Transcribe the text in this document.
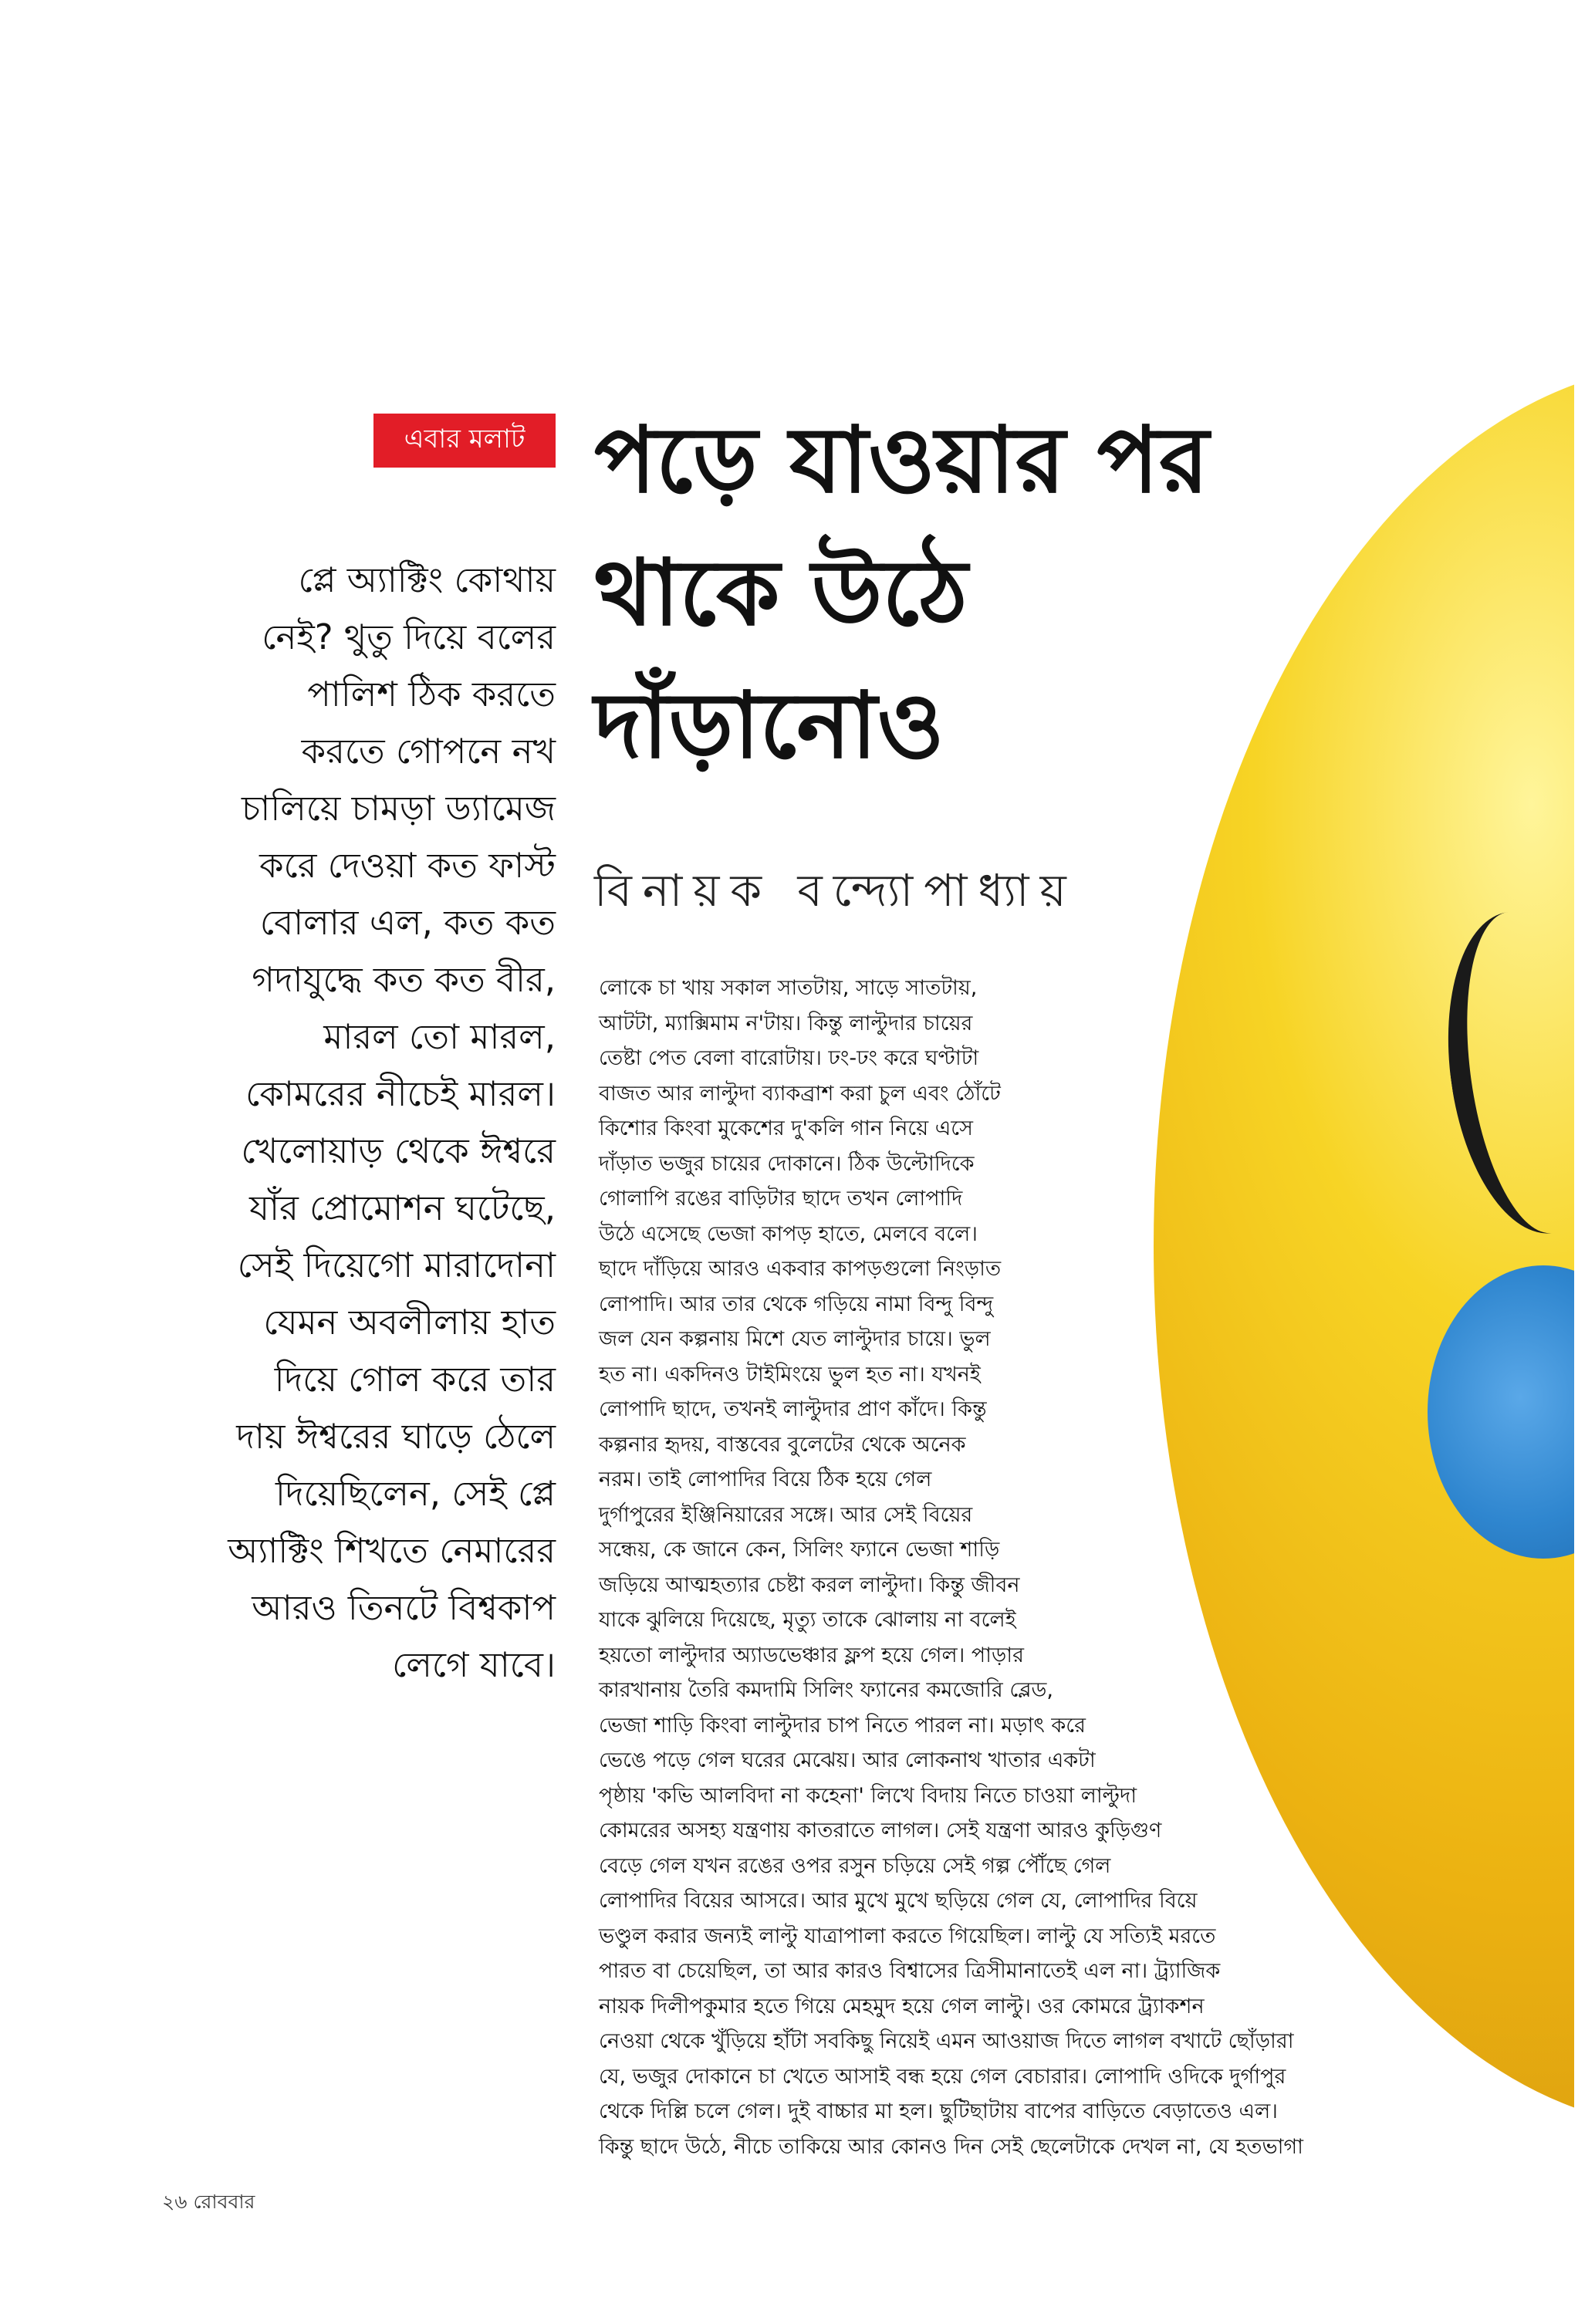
এবার মলাট পড়ে যাওয়ার পর
থাকে উঠে
দাঁড়ানোও
বিনায়ক বন্দ্যোপাধ্যায়
প্লে অ্যাক্টিং কোথায়
নেই? থুতু দিয়ে বলের
পালিশ ঠিক করতে
করতে গোপনে নখ
চালিয়ে চামড়া ড্যামেজ
করে দেওয়া কত ফাস্ট
বোলার এল, কত কত
গদাযুদ্ধে কত কত বীর,
মারল তো মারল,
কোমরের নীচেই মারল।
খেলোয়াড় থেকে ঈশ্বরে
যাঁর প্রোমোশন ঘটেছে,
সেই দিয়েগো মারাদোনা
যেমন অবলীলায় হাত
দিয়ে গোল করে তার
দায় ঈশ্বরের ঘাড়ে ঠেলে
দিয়েছিলেন, সেই প্লে
অ্যাক্টিং শিখতে নেমারের
আরও তিনটে বিশ্বকাপ
লেগে যাবে।
লোকে চা খায় সকাল সাতটায়, সাড়ে সাতটায়,
আটটা, ম্যাক্সিমাম ন'টায়। কিন্তু লাল্টুদার চায়ের
তেষ্টা পেত বেলা বারোটায়। ঢং-ঢং করে ঘণ্টাটা
বাজত আর লাল্টুদা ব্যাকব্রাশ করা চুল এবং ঠোঁটে
কিশোর কিংবা মুকেশের দু'কলি গান নিয়ে এসে
দাঁড়াত ভজুর চায়ের দোকানে। ঠিক উল্টোদিকে
গোলাপি রঙের বাড়িটার ছাদে তখন লোপাদি
উঠে এসেছে ভেজা কাপড় হাতে, মেলবে বলে।
ছাদে দাঁড়িয়ে আরও একবার কাপড়গুলো নিংড়াত
লোপাদি। আর তার থেকে গড়িয়ে নামা বিন্দু বিন্দু
জল যেন কল্পনায় মিশে যেত লাল্টুদার চায়ে। ভুল
হত না। একদিনও টাইমিংয়ে ভুল হত না। যখনই
লোপাদি ছাদে, তখনই লাল্টুদার প্রাণ কাঁদে। কিন্তু
কল্পনার হৃদয়, বাস্তবের বুলেটের থেকে অনেক
নরম। তাই লোপাদির বিয়ে ঠিক হয়ে গেল
দুর্গাপুরের ইঞ্জিনিয়ারের সঙ্গে। আর সেই বিয়ের
সন্ধেয়, কে জানে কেন, সিলিং ফ্যানে ভেজা শাড়ি
জড়িয়ে আত্মহত্যার চেষ্টা করল লাল্টুদা। কিন্তু জীবন
যাকে ঝুলিয়ে দিয়েছে, মৃত্যু তাকে ঝোলায় না বলেই
হয়তো লাল্টুদার অ্যাডভেঞ্চার ফ্লপ হয়ে গেল। পাড়ার
কারখানায় তৈরি কমদামি সিলিং ফ্যানের কমজোরি ব্লেড,
ভেজা শাড়ি কিংবা লাল্টুদার চাপ নিতে পারল না। মড়াৎ করে
ভেঙে পড়ে গেল ঘরের মেঝেয়। আর লোকনাথ খাতার একটা
পৃষ্ঠায় 'কভি আলবিদা না কহেনা' লিখে বিদায় নিতে চাওয়া লাল্টুদা
কোমরের অসহ্য যন্ত্রণায় কাতরাতে লাগল। সেই যন্ত্রণা আরও কুড়িগুণ
বেড়ে গেল যখন রঙের ওপর রসুন চড়িয়ে সেই গল্প পৌঁছে গেল
লোপাদির বিয়ের আসরে। আর মুখে মুখে ছড়িয়ে গেল যে, লোপাদির বিয়ে
ভণ্ডুল করার জন্যই লাল্টু যাত্রাপালা করতে গিয়েছিল। লাল্টু যে সত্যিই মরতে
পারত বা চেয়েছিল, তা আর কারও বিশ্বাসের ত্রিসীমানাতেই এল না। ট্র্যাজিক
নায়ক দিলীপকুমার হতে গিয়ে মেহমুদ হয়ে গেল লাল্টু। ওর কোমরে ট্র্যাকশন
নেওয়া থেকে খুঁড়িয়ে হাঁটা সবকিছু নিয়েই এমন আওয়াজ দিতে লাগল বখাটে ছোঁড়ারা
যে, ভজুর দোকানে চা খেতে আসাই বন্ধ হয়ে গেল বেচারার। লোপাদি ওদিকে দুর্গাপুর
থেকে দিল্লি চলে গেল। দুই বাচ্চার মা হল। ছুটিছাটায় বাপের বাড়িতে বেড়াতেও এল।
কিন্তু ছাদে উঠে, নীচে তাকিয়ে আর কোনও দিন সেই ছেলেটাকে দেখল না, যে হতভাগা
২৬ রোববার
